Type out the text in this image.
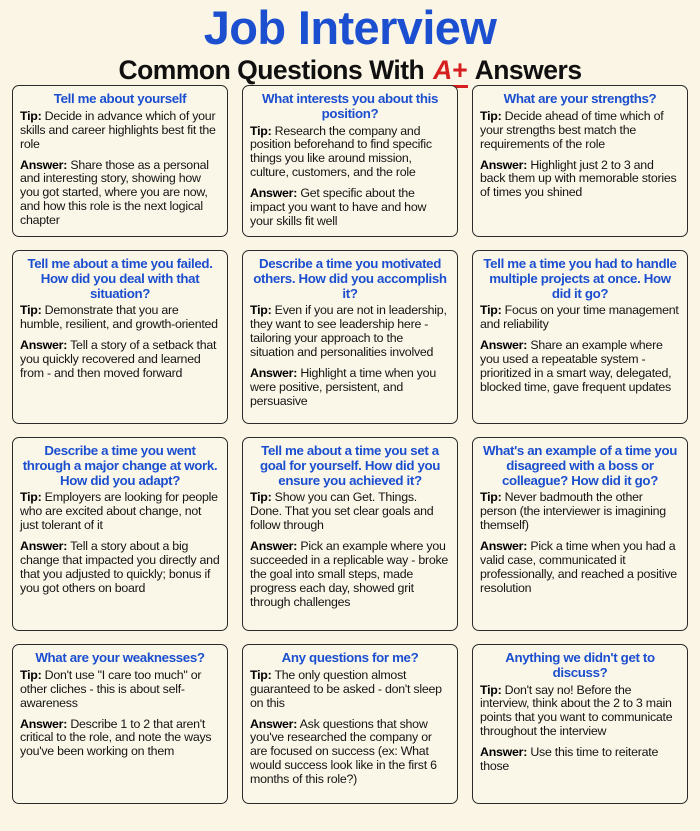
Job Interview
Common Questions With A+ Answers
Tell me about yourself
Tip: Decide in advance which of your skills and career highlights best fit the role
Answer: Share those as a personal and interesting story, showing how you got started, where you are now, and how this role is the next logical chapter
What interests you about this position?
Tip: Research the company and position beforehand to find specific things you like around mission, culture, customers, and the role
Answer: Get specific about the impact you want to have and how your skills fit well
What are your strengths?
Tip: Decide ahead of time which of your strengths best match the requirements of the role
Answer: Highlight just 2 to 3 and back them up with memorable stories of times you shined
Tell me about a time you failed. How did you deal with that situation?
Tip: Demonstrate that you are humble, resilient, and growth-oriented
Answer: Tell a story of a setback that you quickly recovered and learned from - and then moved forward
Describe a time you motivated others. How did you accomplish it?
Tip: Even if you are not in leadership, they want to see leadership here - tailoring your approach to the situation and personalities involved
Answer: Highlight a time when you were positive, persistent, and persuasive
Tell me a time you had to handle multiple projects at once. How did it go?
Tip: Focus on your time management and reliability
Answer: Share an example where you used a repeatable system - prioritized in a smart way, delegated, blocked time, gave frequent updates
Describe a time you went through a major change at work. How did you adapt?
Tip: Employers are looking for people who are excited about change, not just tolerant of it
Answer: Tell a story about a big change that impacted you directly and that you adjusted to quickly; bonus if you got others on board
Tell me about a time you set a goal for yourself. How did you ensure you achieved it?
Tip: Show you can Get. Things. Done. That you set clear goals and follow through
Answer: Pick an example where you succeeded in a replicable way - broke the goal into small steps, made progress each day, showed grit through challenges
What's an example of a time you disagreed with a boss or colleague? How did it go?
Tip: Never badmouth the other person (the interviewer is imagining themself)
Answer: Pick a time when you had a valid case, communicated it professionally, and reached a positive resolution
What are your weaknesses?
Tip: Don't use "I care too much" or other cliches - this is about self-awareness
Answer: Describe 1 to 2 that aren't critical to the role, and note the ways you've been working on them
Any questions for me?
Tip: The only question almost guaranteed to be asked - don't sleep on this
Answer: Ask questions that show you've researched the company or are focused on success (ex: What would success look like in the first 6 months of this role?)
Anything we didn't get to discuss?
Tip: Don't say no! Before the interview, think about the 2 to 3 main points that you want to communicate throughout the interview
Answer: Use this time to reiterate those
